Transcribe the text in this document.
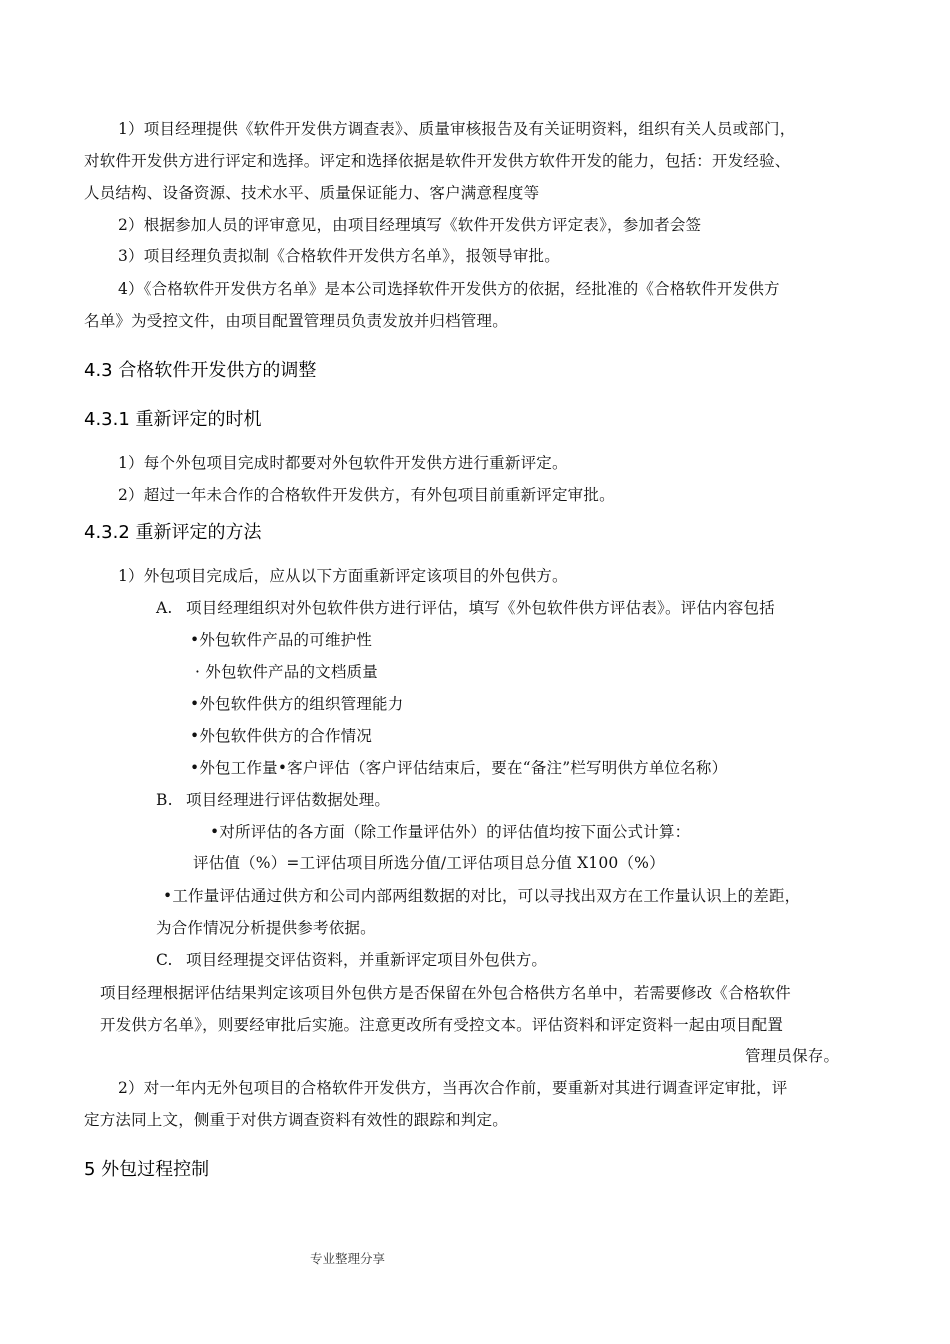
1）项目经理提供《软件开发供方调查表》、质量审核报告及有关证明资料，组织有关人员或部门，
对软件开发供方进行评定和选择。评定和选择依据是软件开发供方软件开发的能力，包括：开发经验、
人员结构、设备资源、技术水平、质量保证能力、客户满意程度等
2）根据参加人员的评审意见，由项目经理填写《软件开发供方评定表》，参加者会签
3）项目经理负责拟制《合格软件开发供方名单》，报领导审批。
4）《合格软件开发供方名单》是本公司选择软件开发供方的依据，经批准的《合格软件开发供方
名单》为受控文件，由项目配置管理员负责发放并归档管理。
4.3 合格软件开发供方的调整
4.3.1 重新评定的时机
1）每个外包项目完成时都要对外包软件开发供方进行重新评定。
2）超过一年未合作的合格软件开发供方，有外包项目前重新评定审批。
4.3.2 重新评定的方法
1）外包项目完成后，应从以下方面重新评定该项目的外包供方。
A. 项目经理组织对外包软件供方进行评估，填写《外包软件供方评估表》。评估内容包括
•外包软件产品的可维护性
· 外包软件产品的文档质量
•外包软件供方的组织管理能力
•外包软件供方的合作情况
•外包工作量•客户评估（客户评估结束后，要在“备注”栏写明供方单位名称）
B. 项目经理进行评估数据处理。
•对所评估的各方面（除工作量评估外）的评估值均按下面公式计算：
评估值（%）=工评估项目所选分值/工评估项目总分值 X100（%）
•工作量评估通过供方和公司内部两组数据的对比，可以寻找出双方在工作量认识上的差距，
为合作情况分析提供参考依据。
C. 项目经理提交评估资料，并重新评定项目外包供方。
项目经理根据评估结果判定该项目外包供方是否保留在外包合格供方名单中，若需要修改《合格软件
开发供方名单》，则要经审批后实施。注意更改所有受控文本。评估资料和评定资料一起由项目配置
管理员保存。
2）对一年内无外包项目的合格软件开发供方，当再次合作前，要重新对其进行调查评定审批，评
定方法同上文，侧重于对供方调查资料有效性的跟踪和判定。
5 外包过程控制
专业整理分享
